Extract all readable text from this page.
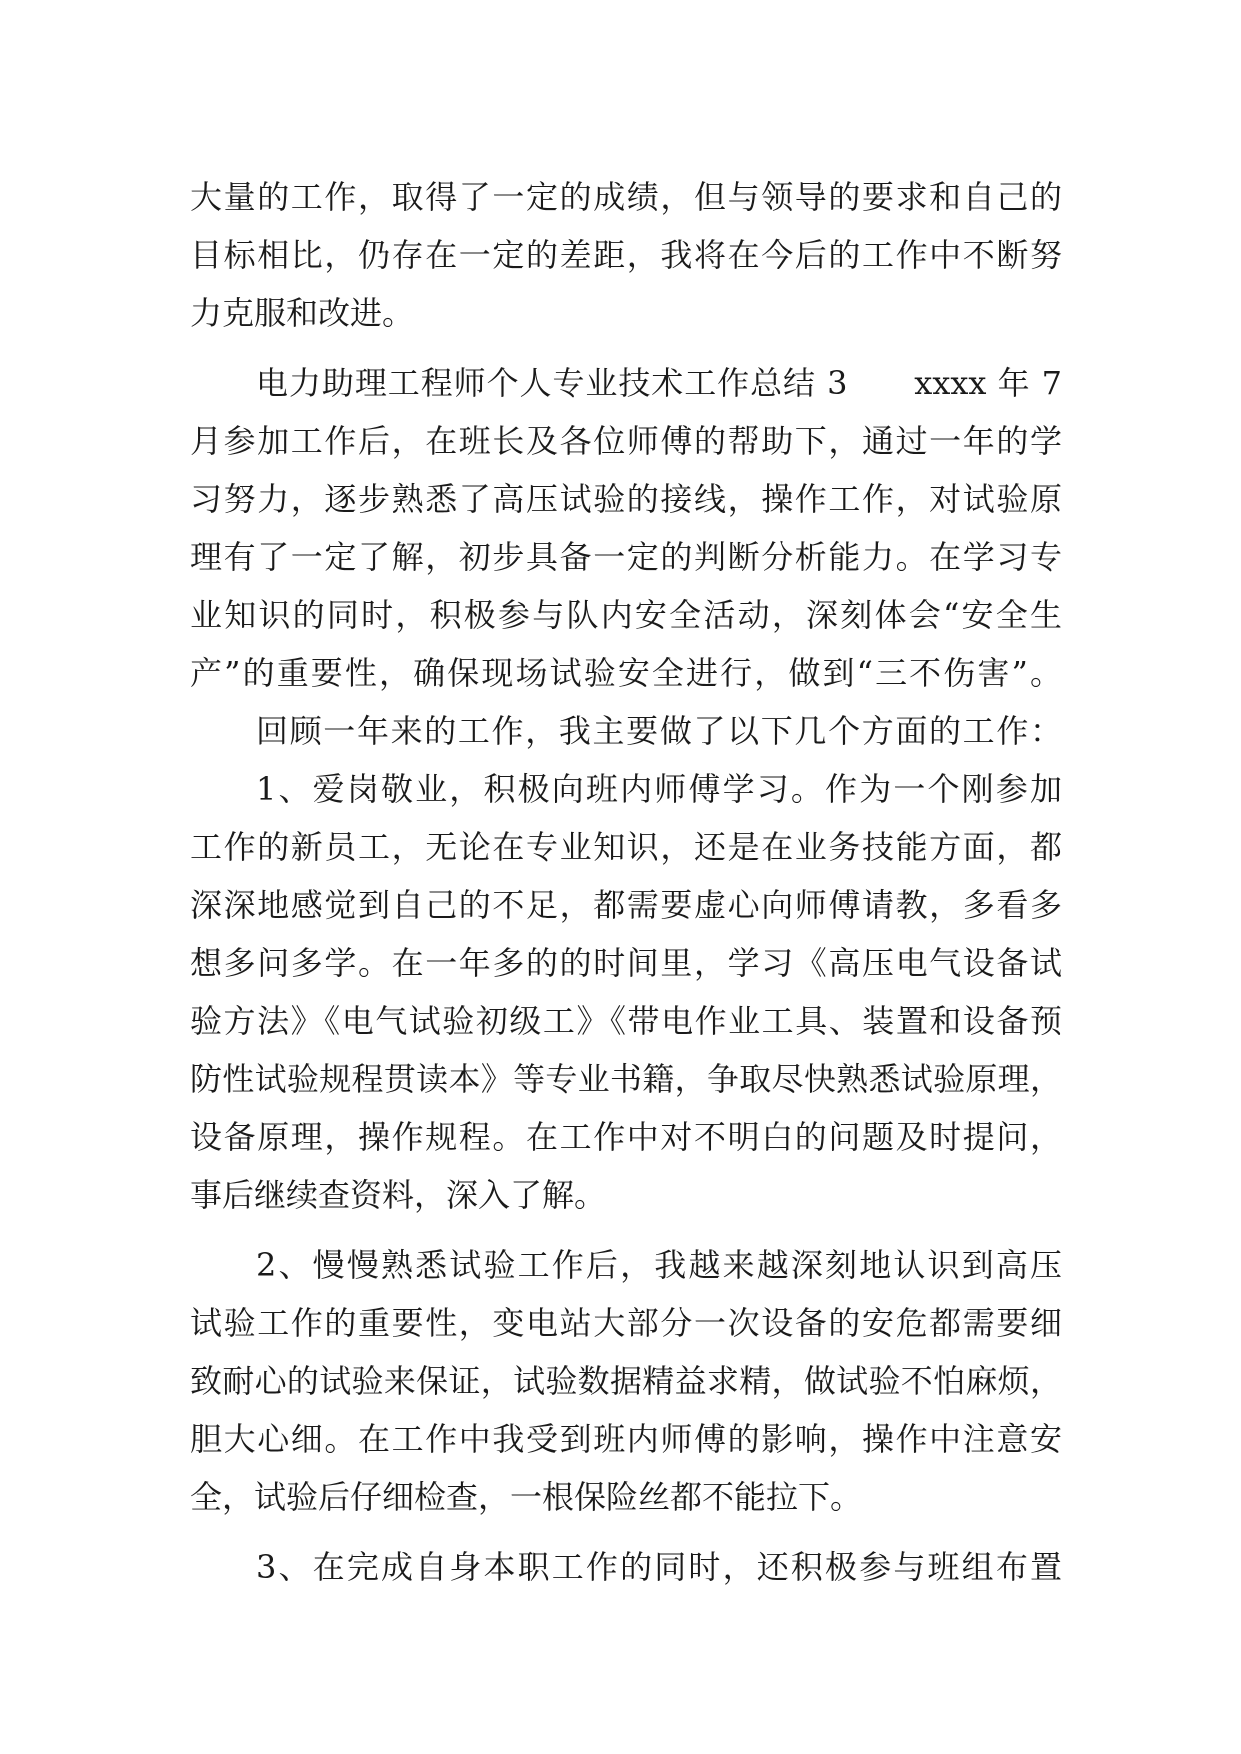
大量的工作，取得了一定的成绩，但与领导的要求和自己的
目标相比，仍存在一定的差距，我将在今后的工作中不断努
力克服和改进。
电力助理工程师个人专业技术工作总结 3　　xxxx 年 7
月参加工作后，在班长及各位师傅的帮助下，通过一年的学
习努力，逐步熟悉了高压试验的接线，操作工作，对试验原
理有了一定了解，初步具备一定的判断分析能力。在学习专
业知识的同时，积极参与队内安全活动，深刻体会“安全生
产”的重要性，确保现场试验安全进行，做到“三不伤害”。
回顾一年来的工作，我主要做了以下几个方面的工作：
1、爱岗敬业，积极向班内师傅学习。作为一个刚参加
工作的新员工，无论在专业知识，还是在业务技能方面，都
深深地感觉到自己的不足，都需要虚心向师傅请教，多看多
想多问多学。在一年多的的时间里，学习《高压电气设备试
验方法》《电气试验初级工》《带电作业工具、装置和设备预
防性试验规程贯读本》等专业书籍，争取尽快熟悉试验原理，
设备原理，操作规程。在工作中对不明白的问题及时提问，
事后继续查资料，深入了解。
2、慢慢熟悉试验工作后，我越来越深刻地认识到高压
试验工作的重要性，变电站大部分一次设备的安危都需要细
致耐心的试验来保证，试验数据精益求精，做试验不怕麻烦，
胆大心细。在工作中我受到班内师傅的影响，操作中注意安
全，试验后仔细检查，一根保险丝都不能拉下。
3、在完成自身本职工作的同时，还积极参与班组布置
